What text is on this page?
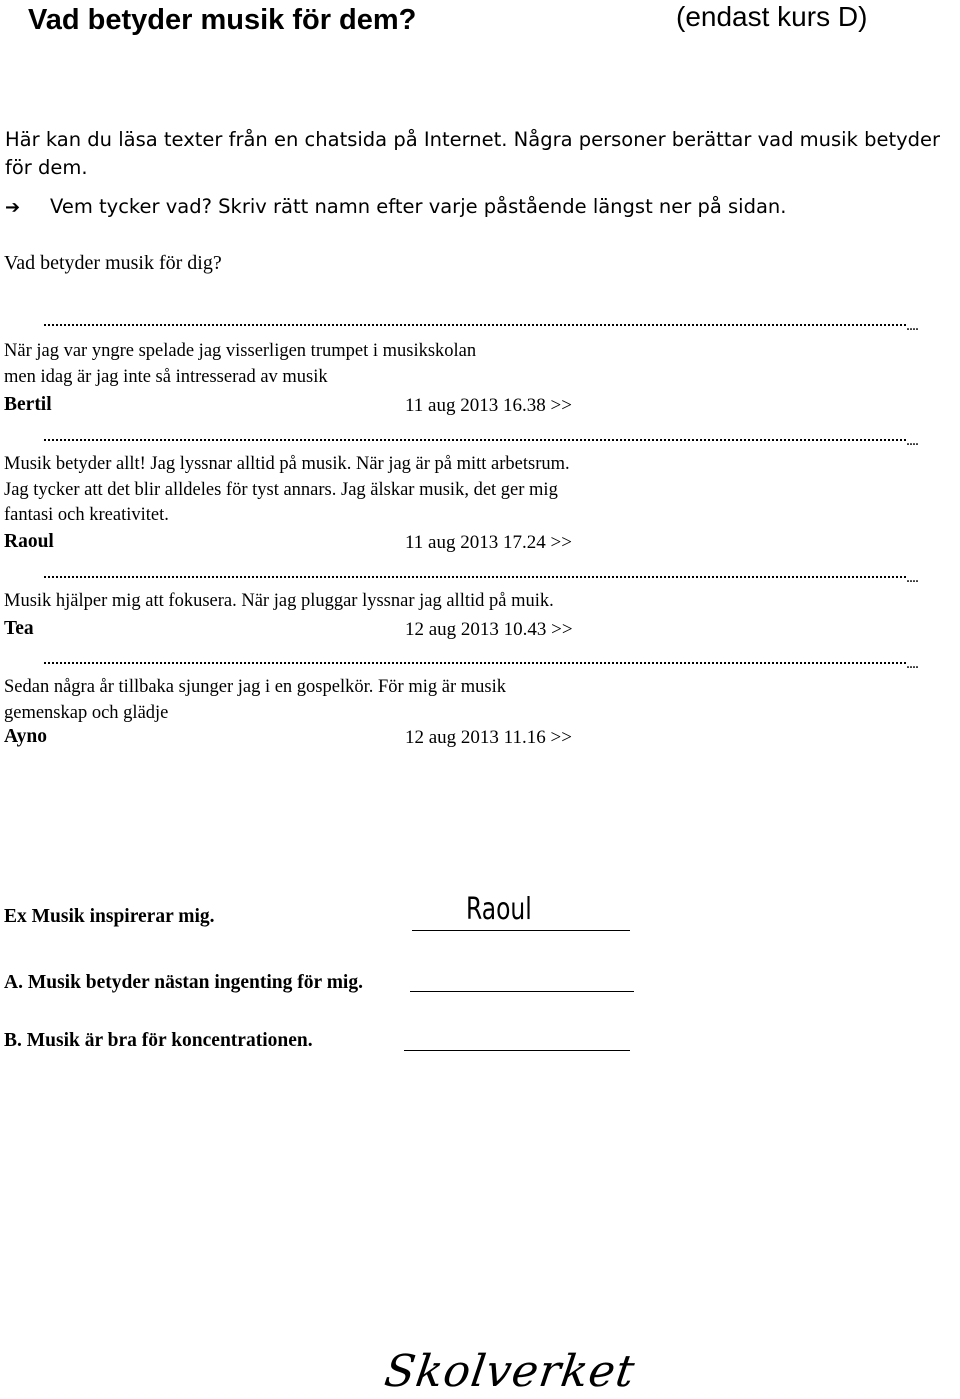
Vad betyder musik för dem?	(endast kurs D)
Här kan du läsa texter från en chatsida på Internet. Några personer berättar vad musik betyder för dem.
➔ Vem tycker vad? Skriv rätt namn efter varje påstående längst ner på sidan.
Vad betyder musik för dig?
....
När jag var yngre spelade jag visserligen trumpet i musikskolan
men idag är jag inte så intresserad av musik
Bertil	11 aug 2013 16.38 >>
....
Musik betyder allt! Jag lyssnar alltid på musik. När jag är på mitt arbetsrum.
Jag tycker att det blir alldeles för tyst annars. Jag älskar musik, det ger mig
fantasi och kreativitet.
Raoul	11 aug 2013 17.24 >>
....
Musik hjälper mig att fokusera. När jag pluggar lyssnar jag alltid på muik.
Tea	12 aug 2013 10.43 >>
....
Sedan några år tillbaka sjunger jag i en gospelkör. För mig är musik
gemenskap och glädje
Ayno	12 aug 2013 11.16 >>
Ex Musik inspirerar mig.	Raoul
A. Musik betyder nästan ingenting för mig.
B. Musik är bra för koncentrationen.
Skolverket
